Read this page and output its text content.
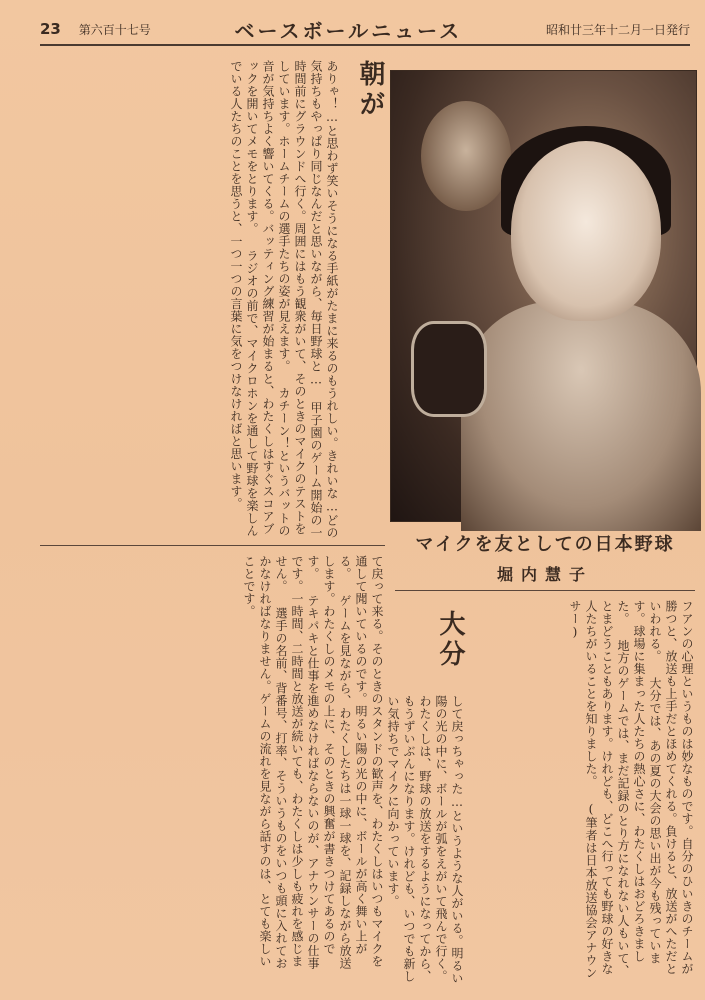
23 第六百十七号	ベースボールニュース	昭和廿三年十二月一日発行
マイクを友としての日本野球
堀内慧子
朝が
ありゃ！…と思わず笑いそうになる手紙がたまに来るのもうれしい。きれいな…どの気持ちもやっぱり同じなんだと思いながら、毎日野球と… 甲子園のゲーム開始の一時間前にグラウンドへ行く。周囲にはもう観衆がいて、そのときのマイクのテストをしています。ホームチームの選手たちの姿が見えます。 カチーン！というバットの音が気持ちよく響いてくる。バッティング練習が始まると、わたくしはすぐスコアブックを開いてメモをとります。 ラジオの前で、マイクロホンを通して野球を楽しんでいる人たちのことを思うと、一つ一つの言葉に気をつけなければと思います。
て戻って来る。そのときのスタンドの歓声を、わたくしはいつもマイクを通して聞いているのです。明るい陽の光の中に、ボールが高く舞い上がる。 ゲームを見ながら、わたくしたちは一球一球を、記録しながら放送します。わたくしのメモの上に、そのときの興奮が書きつけてあるのです。 テキパキと仕事を進めなければならないのが、アナウンサーの仕事です。一時間、二時間と放送が続いても、わたくしは少しも疲れを感じません。 選手の名前、背番号、打率、そういうものをいつも頭に入れておかなければなりません。ゲームの流れを見ながら話すのは、とても楽しいことです。
大分	フアンの心理というものは妙なものです。自分のひいきのチームが勝つと、放送も上手だとほめてくれる。負けると、放送がへただといわれる。 大分では、あの夏の大会の思い出が今も残っています。球場に集まった人たちの熱心さに、わたくしはおどろきました。 地方のゲームでは、まだ記録のとり方になれない人もいて、とまどうこともあります。けれども、どこへ行っても野球の好きな人たちがいることを知りました。 (筆者は日本放送協会アナウンサー)
して戻っちゃった…というような人がいる。明るい陽の光の中に、ボールが弧をえがいて飛んで行く。 わたくしは、野球の放送をするようになってから、もうずいぶんになります。けれども、いつでも新しい気持ちでマイクに向かっています。
